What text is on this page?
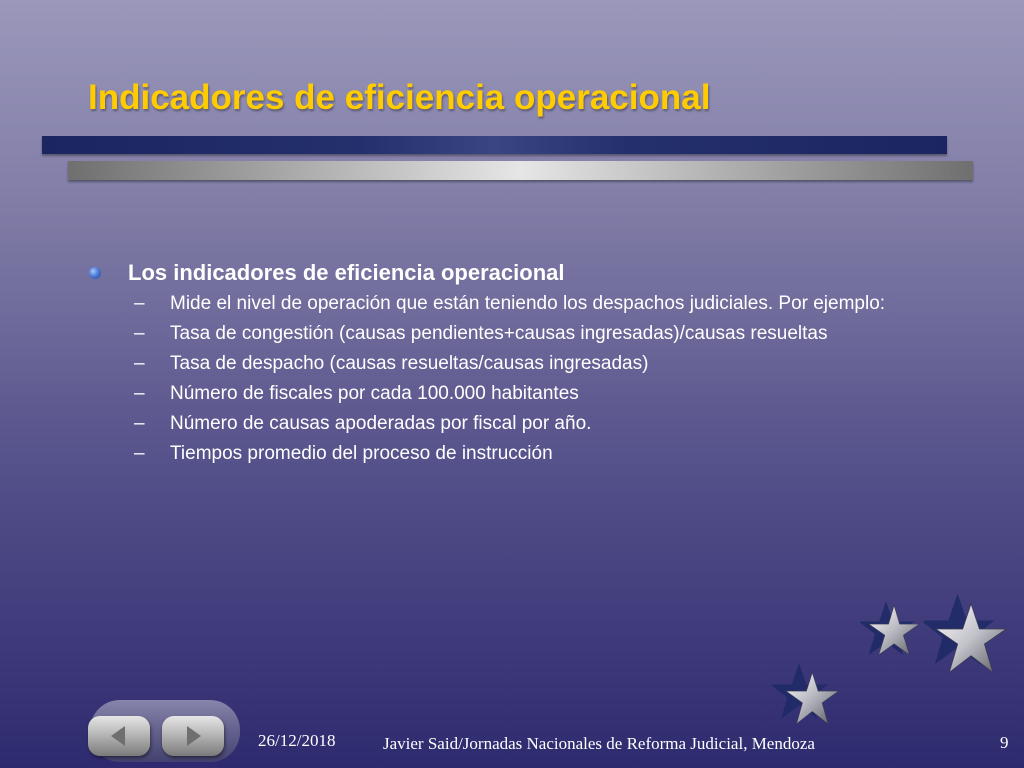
Indicadores de eficiencia operacional
Los indicadores de eficiencia operacional
–	Mide el nivel de operación que están teniendo los despachos judiciales. Por ejemplo:
–	Tasa de congestión (causas pendientes+causas ingresadas)/causas resueltas
–	Tasa de despacho (causas resueltas/causas ingresadas)
–	Número de fiscales por cada 100.000 habitantes
–	Número de causas apoderadas por fiscal por año.
–	Tiempos promedio del proceso de instrucción
26/12/2018	Javier Said/Jornadas Nacionales de Reforma Judicial, Mendoza	9
